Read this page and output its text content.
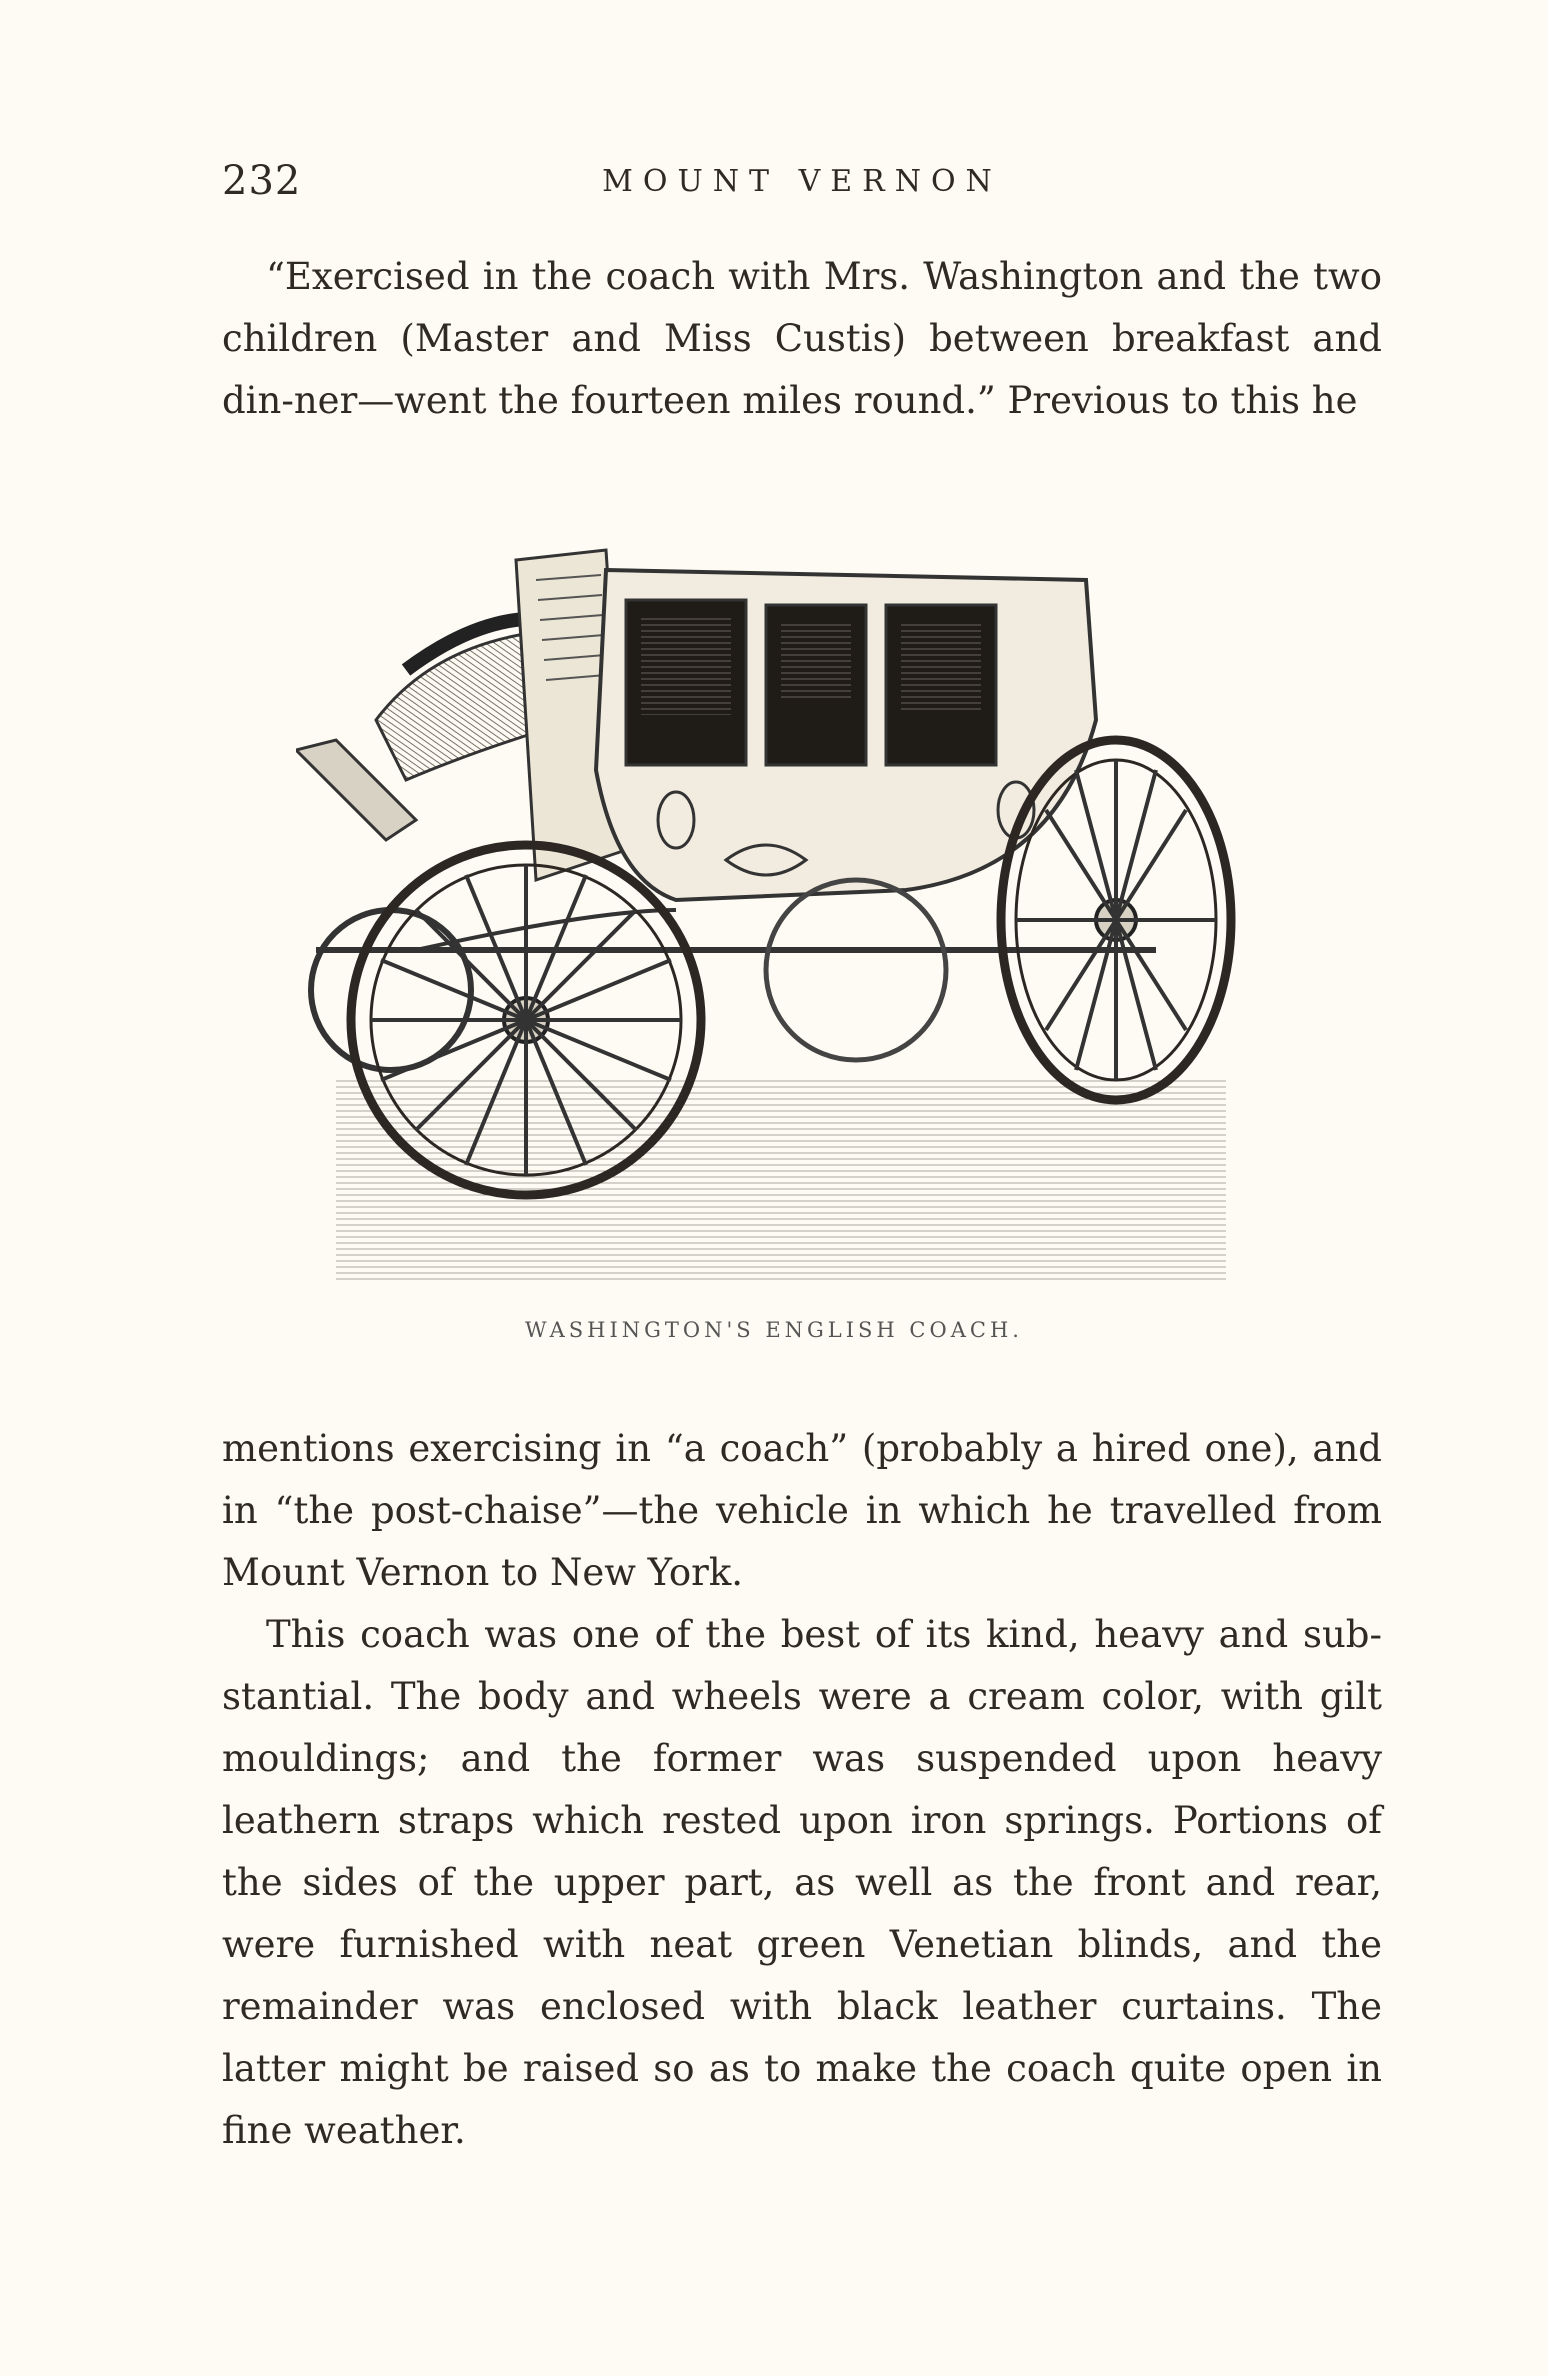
232	MOUNT VERNON

“Exercised in the coach with Mrs. Washington and the two children (Master and Miss Custis) between breakfast and din-ner—went the fourteen miles round.” Previous to this he

WASHINGTON'S ENGLISH COACH.

mentions exercising in “a coach” (probably a hired one), and in “the post-chaise”—the vehicle in which he travelled from Mount Vernon to New York.

This coach was one of the best of its kind, heavy and sub-stantial. The body and wheels were a cream color, with gilt mouldings; and the former was suspended upon heavy leathern straps which rested upon iron springs. Portions of the sides of the upper part, as well as the front and rear, were furnished with neat green Venetian blinds, and the remainder was enclosed with black leather curtains. The latter might be raised so as to make the coach quite open in fine weather.
